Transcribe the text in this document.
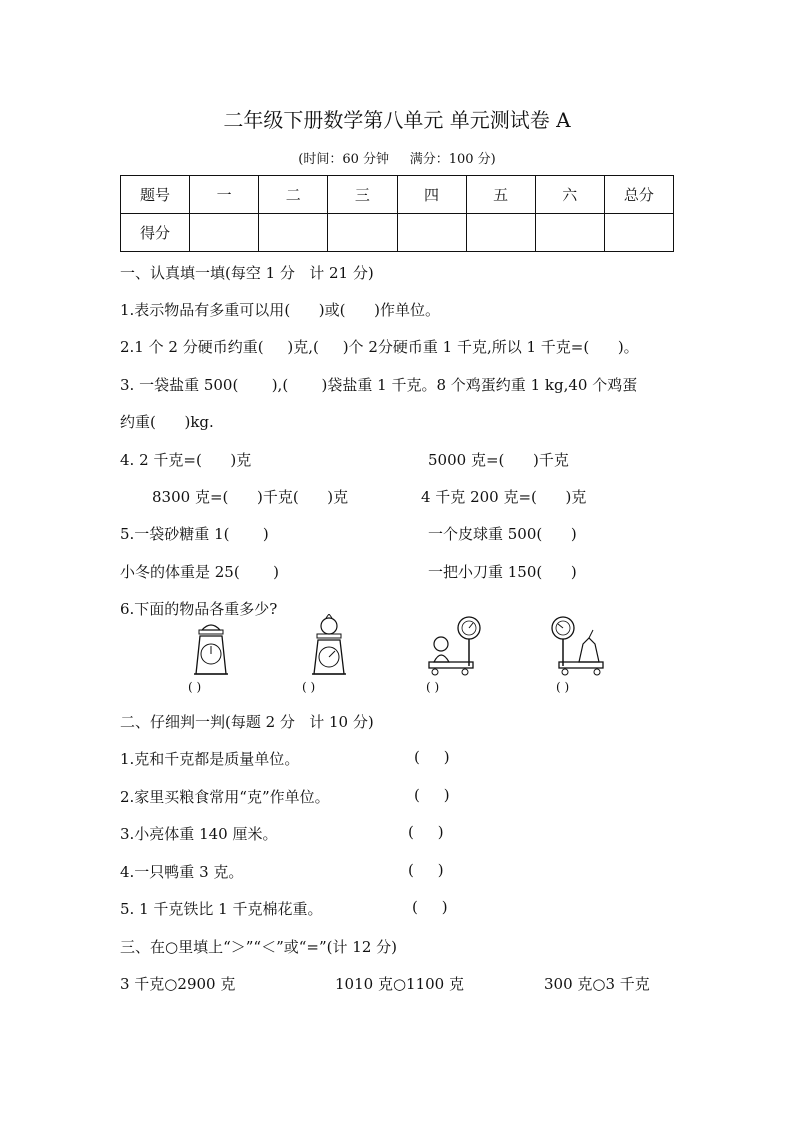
二年级下册数学第八单元 单元测试卷 A
(时间：60 分钟     满分：100 分)
题号	一	二	三	四	五	六	总分
得分							
一、认真填一填(每空 1 分   计 21 分)
1.表示物品有多重可以用(      )或(      )作单位。
2.1 个 2 分硬币约重(     )克,(     )个 2分硬币重 1 千克,所以 1 千克=(      )。
3. 一袋盐重 500(       ),(       )袋盐重 1 千克。8 个鸡蛋约重 1 kg,40 个鸡蛋
约重(      )kg.
4. 2 千克=(      )克	5000 克=(      )千克
8300 克=(      )千克(      )克	4 千克 200 克=(      )克
5.一袋砂糖重 1(       )	一个皮球重 500(      )
小冬的体重是 25(       )	一把小刀重 150(      )
6.下面的物品各重多少?
( )	( )	( )	( )
二、仔细判一判(每题 2 分   计 10 分)
1.克和千克都是质量单位。	(     )
2.家里买粮食常用“克”作单位。	(     )
3.小亮体重 140 厘米。	(     )
4.一只鸭重 3 克。	(     )
5. 1 千克铁比 1 千克棉花重。	(     )
三、在○里填上“＞”“＜”或“=”(计 12 分)
3 千克○2900 克	1010 克○1100 克	300 克○3 千克
